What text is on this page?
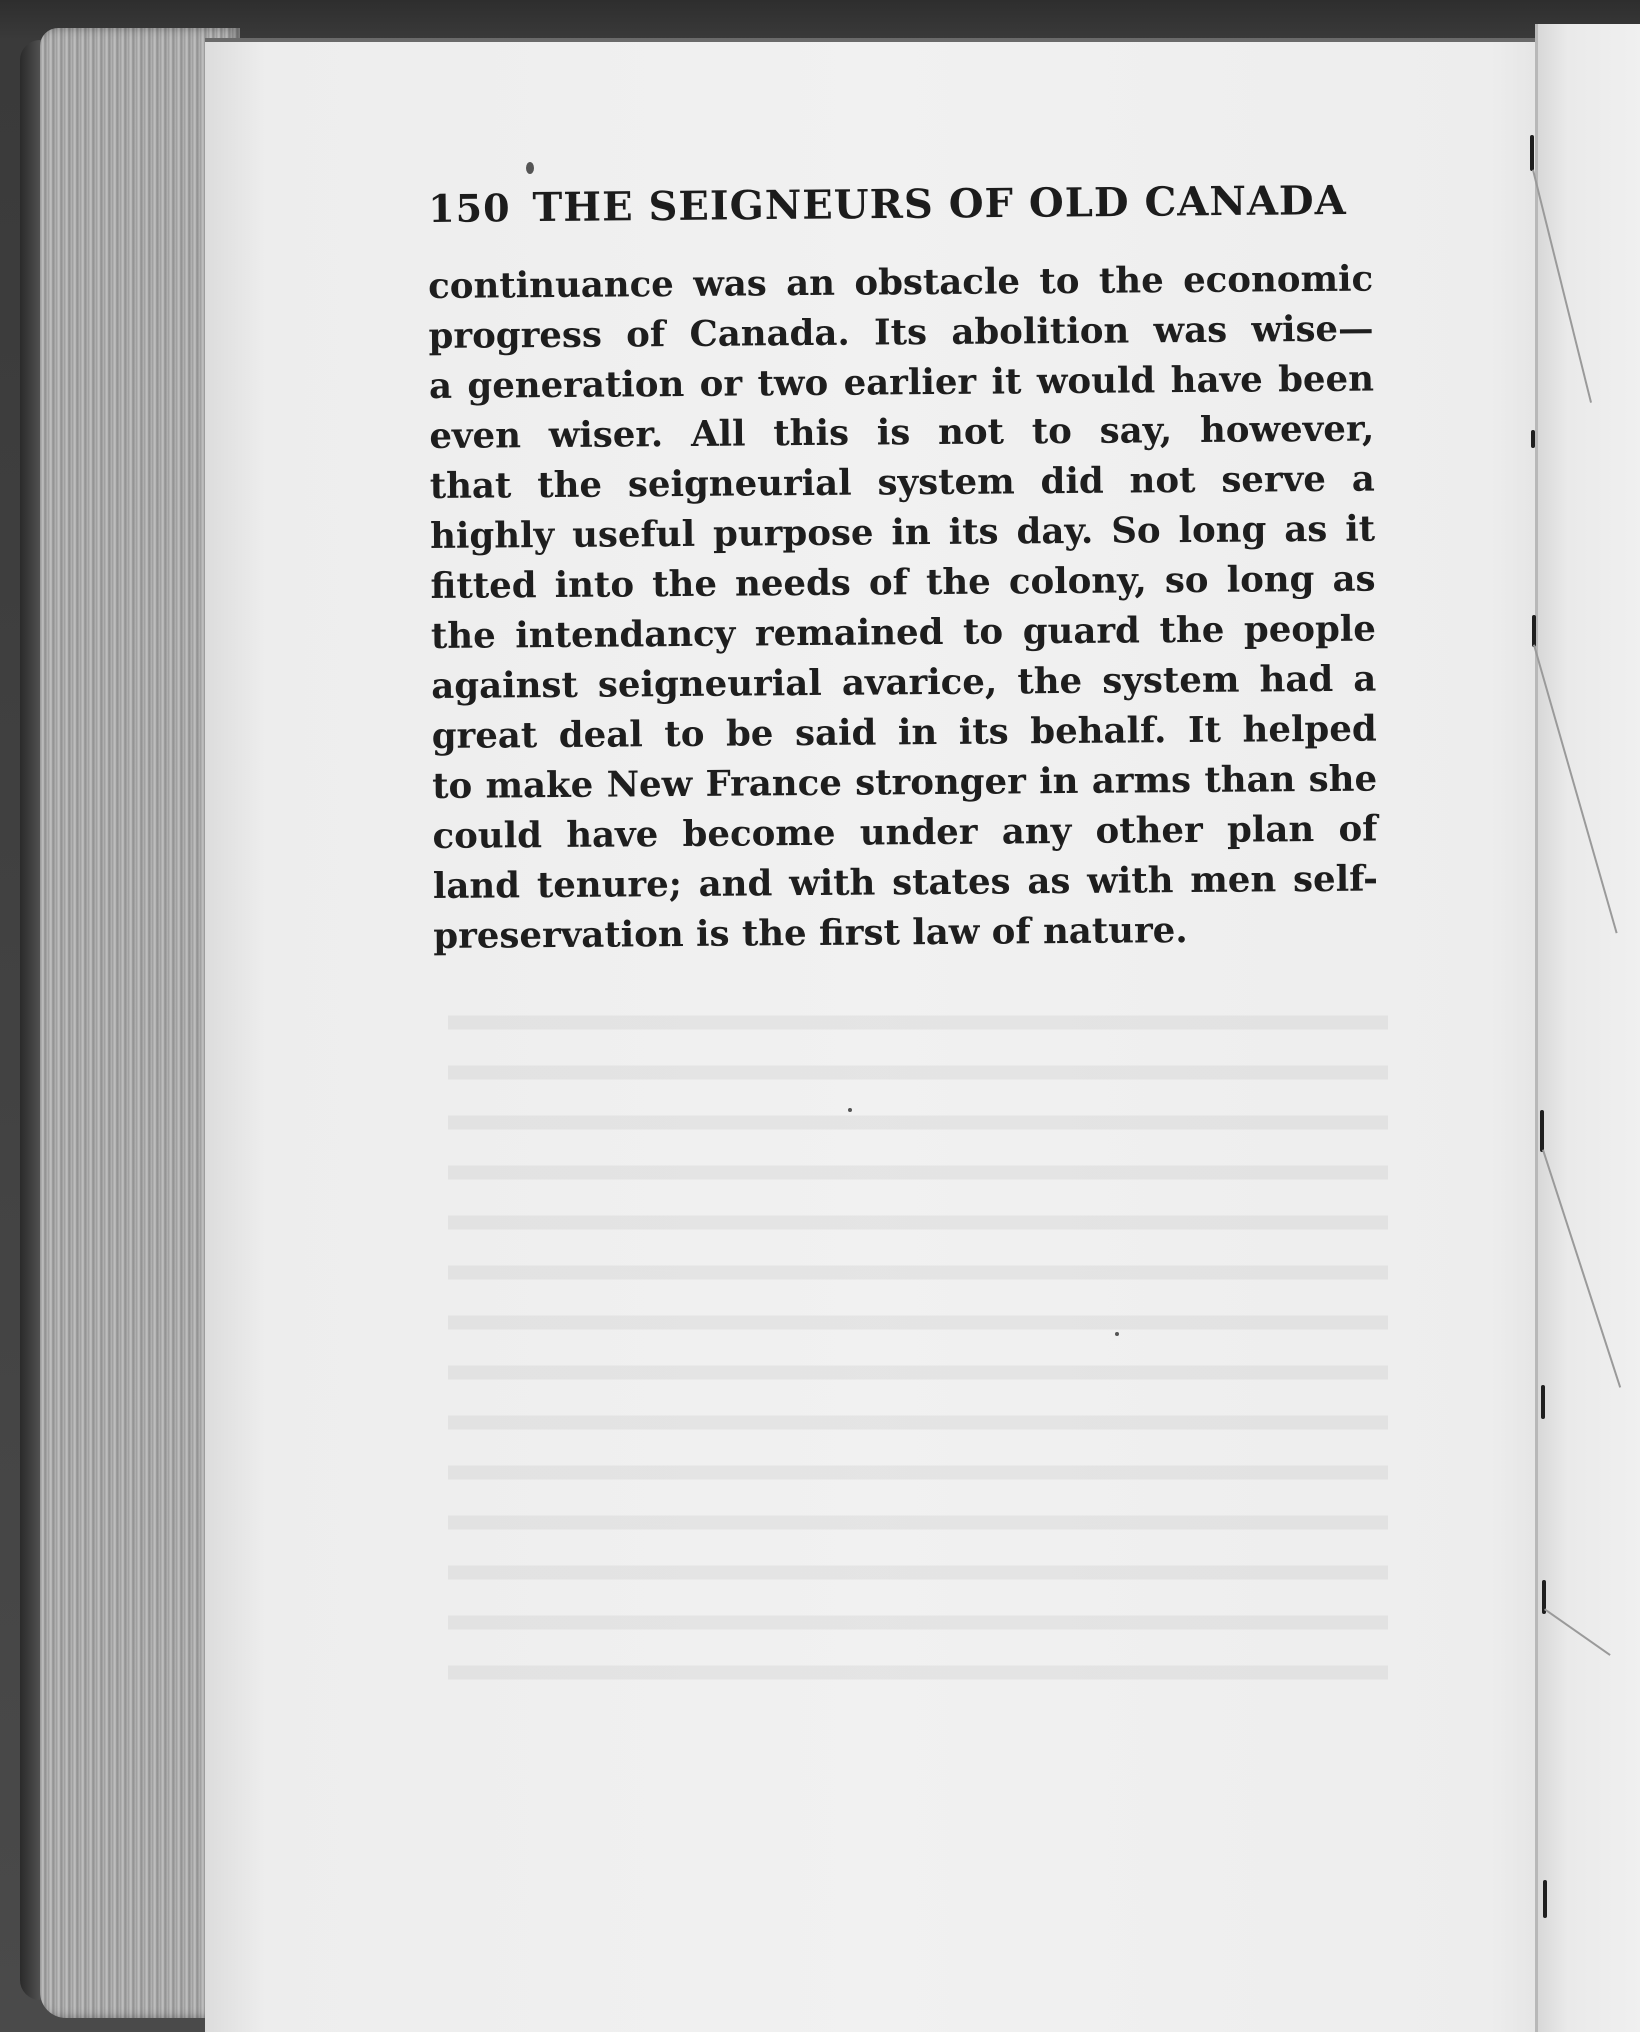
150 THE SEIGNEURS OF OLD CANADA
continuance was an obstacle to the economic
progress of Canada. Its abolition was wise—
a generation or two earlier it would have been
even wiser. All this is not to say, however,
that the seigneurial system did not serve a
highly useful purpose in its day. So long as it
fitted into the needs of the colony, so long as
the intendancy remained to guard the people
against seigneurial avarice, the system had a
great deal to be said in its behalf. It helped
to make New France stronger in arms than she
could have become under any other plan of
land tenure; and with states as with men self-
preservation is the first law of nature.
